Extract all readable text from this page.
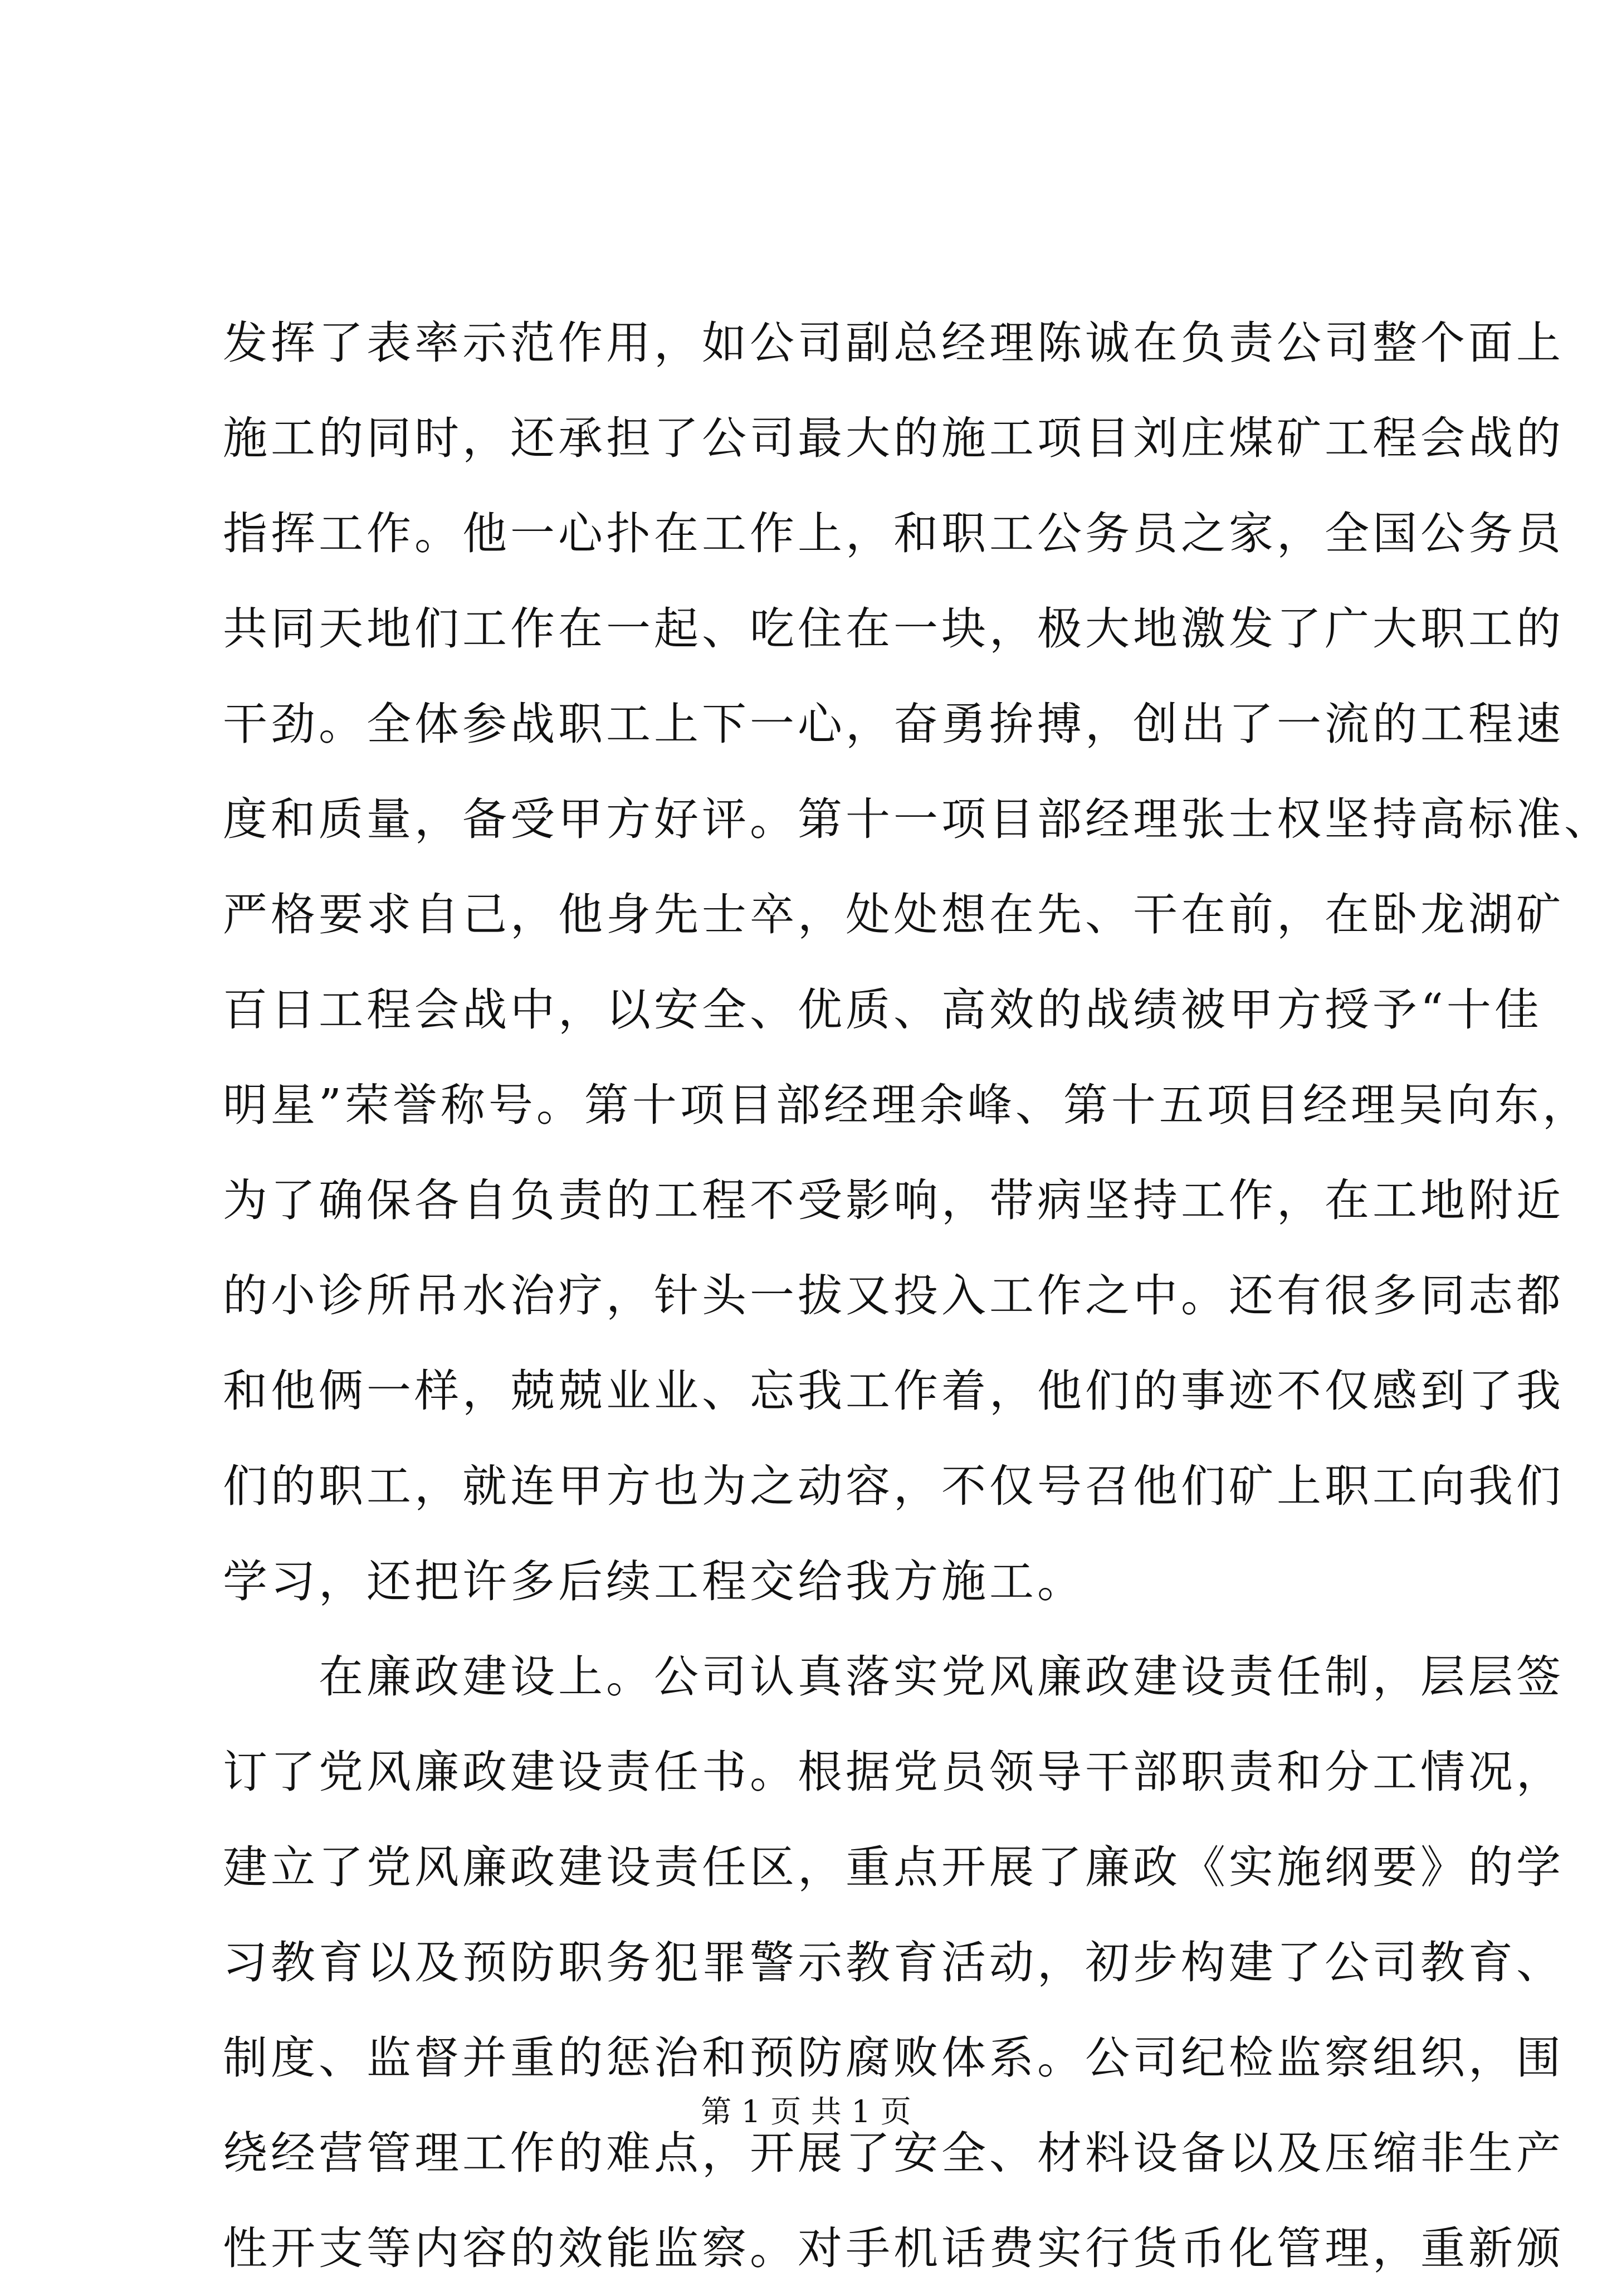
发挥了表率示范作用，如公司副总经理陈诚在负责公司整个面上
施工的同时，还承担了公司最大的施工项目刘庄煤矿工程会战的
指挥工作。他一心扑在工作上，和职工公务员之家，全国公务员
共同天地们工作在一起、吃住在一块，极大地激发了广大职工的
干劲。全体参战职工上下一心，奋勇拚搏，创出了一流的工程速
度和质量，备受甲方好评。第十一项目部经理张士权坚持高标准、
严格要求自己，他身先士卒，处处想在先、干在前，在卧龙湖矿
百日工程会战中，以安全、优质、高效的战绩被甲方授予“十佳
明星”荣誉称号。第十项目部经理余峰、第十五项目经理吴向东，
为了确保各自负责的工程不受影响，带病坚持工作，在工地附近
的小诊所吊水治疗，针头一拔又投入工作之中。还有很多同志都
和他俩一样，兢兢业业、忘我工作着，他们的事迹不仅感到了我
们的职工，就连甲方也为之动容，不仅号召他们矿上职工向我们
学习，还把许多后续工程交给我方施工。
在廉政建设上。公司认真落实党风廉政建设责任制，层层签
订了党风廉政建设责任书。根据党员领导干部职责和分工情况，
建立了党风廉政建设责任区，重点开展了廉政《实施纲要》的学
习教育以及预防职务犯罪警示教育活动，初步构建了公司教育、
制度、监督并重的惩治和预防腐败体系。公司纪检监察组织，围
绕经营管理工作的难点，开展了安全、材料设备以及压缩非生产
性开支等内容的效能监察。对手机话费实行货币化管理，重新颁
第 1 页 共 1 页
